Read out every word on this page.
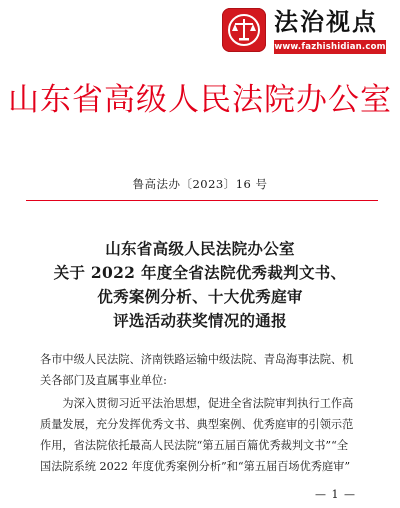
法治视点
www.fazhishidian.com
山东省高级人民法院办公室
鲁高法办〔2023〕16 号
山东省高级人民法院办公室
关于 2022 年度全省法院优秀裁判文书、
优秀案例分析、十大优秀庭审
评选活动获奖情况的通报
各市中级人民法院、济南铁路运输中级法院、青岛海事法院、机
关各部门及直属事业单位:
为深入贯彻习近平法治思想，促进全省法院审判执行工作高
质量发展，充分发挥优秀文书、典型案例、优秀庭审的引领示范
作用，省法院依托最高人民法院“第五届百篇优秀裁判文书”“全
国法院系统 2022 年度优秀案例分析”和“第五届百场优秀庭审”
— 1 —
